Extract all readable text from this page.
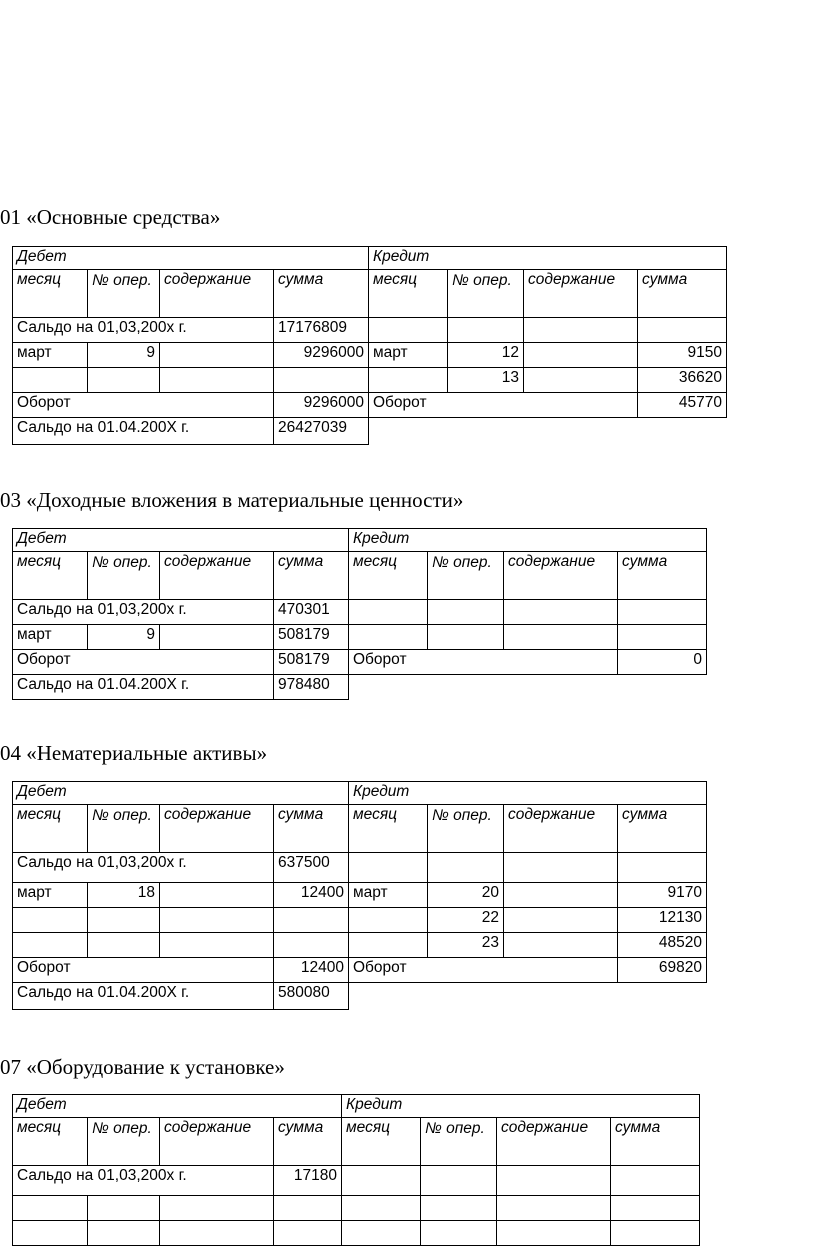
01 «Основные средства»
Дебет				Кредит			
месяц	№ опер.	содержание	сумма	месяц	№ опер.	содержание	сумма
Сальдо на 01,03,200х г.			17176809				
март	9		9296000	март	12		9150
					13		36620
Оборот			9296000	Оборот			45770
Сальдо на 01.04.200Х г.			26427039				
03 «Доходные вложения в материальные ценности»
Дебет				Кредит			
месяц	№ опер.	содержание	сумма	месяц	№ опер.	содержание	сумма
Сальдо на 01,03,200х г.			470301				
март	9		508179				
Оборот			508179	Оборот			0
Сальдо на 01.04.200Х г.			978480				
04 «Нематериальные активы»
Дебет				Кредит			
месяц	№ опер.	содержание	сумма	месяц	№ опер.	содержание	сумма
Сальдо на 01,03,200х г.			637500				
март	18		12400	март	20		9170
					22		12130
					23		48520
Оборот			12400	Оборот			69820
Сальдо на 01.04.200Х г.			580080				
07 «Оборудование к установке»
Дебет				Кредит			
месяц	№ опер.	содержание	сумма	месяц	№ опер.	содержание	сумма
Сальдо на 01,03,200х г.			17180				
